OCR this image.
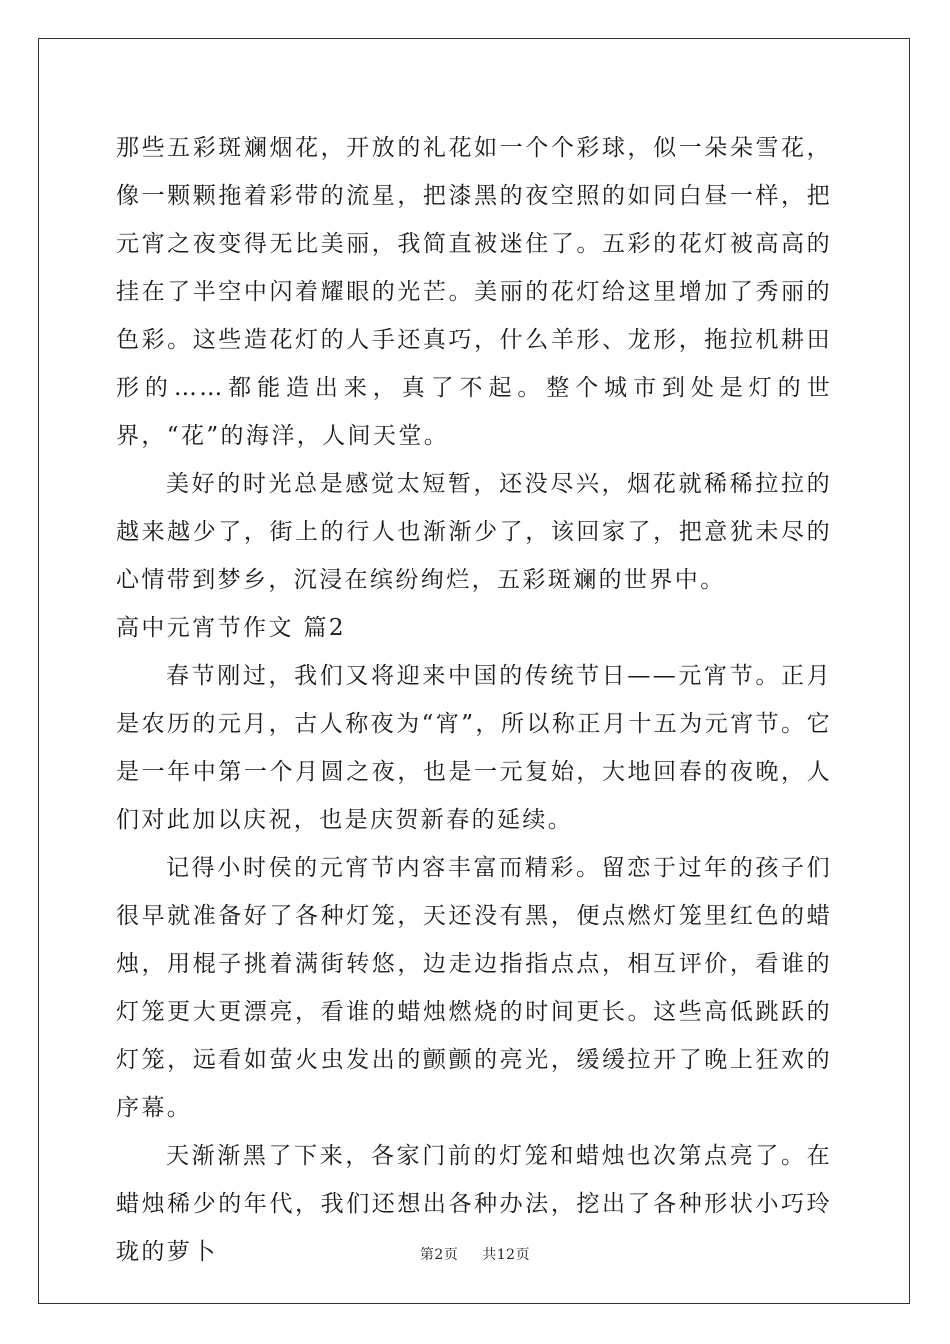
那些五彩斑斓烟花，开放的礼花如一个个彩球，似一朵朵雪花，像一颗颗拖着彩带的流星，把漆黑的夜空照的如同白昼一样，把元宵之夜变得无比美丽，我简直被迷住了。五彩的花灯被高高的挂在了半空中闪着耀眼的光芒。美丽的花灯给这里增加了秀丽的色彩。这些造花灯的人手还真巧，什么羊形、龙形，拖拉机耕田形的……都能造出来，真了不起。整个城市到处是灯的世界，“花”的海洋，人间天堂。

美好的时光总是感觉太短暂，还没尽兴，烟花就稀稀拉拉的越来越少了，街上的行人也渐渐少了，该回家了，把意犹未尽的心情带到梦乡，沉浸在缤纷绚烂，五彩斑斓的世界中。

高中元宵节作文 篇2

春节刚过，我们又将迎来中国的传统节日——元宵节。正月是农历的元月，古人称夜为“宵”，所以称正月十五为元宵节。它是一年中第一个月圆之夜，也是一元复始，大地回春的夜晚，人们对此加以庆祝，也是庆贺新春的延续。

记得小时侯的元宵节内容丰富而精彩。留恋于过年的孩子们很早就准备好了各种灯笼，天还没有黑，便点燃灯笼里红色的蜡烛，用棍子挑着满街转悠，边走边指指点点，相互评价，看谁的灯笼更大更漂亮，看谁的蜡烛燃烧的时间更长。这些高低跳跃的灯笼，远看如萤火虫发出的颤颤的亮光，缓缓拉开了晚上狂欢的序幕。

天渐渐黑了下来，各家门前的灯笼和蜡烛也次第点亮了。在蜡烛稀少的年代，我们还想出各种办法，挖出了各种形状小巧玲珑的萝卜	第2页 共12页
